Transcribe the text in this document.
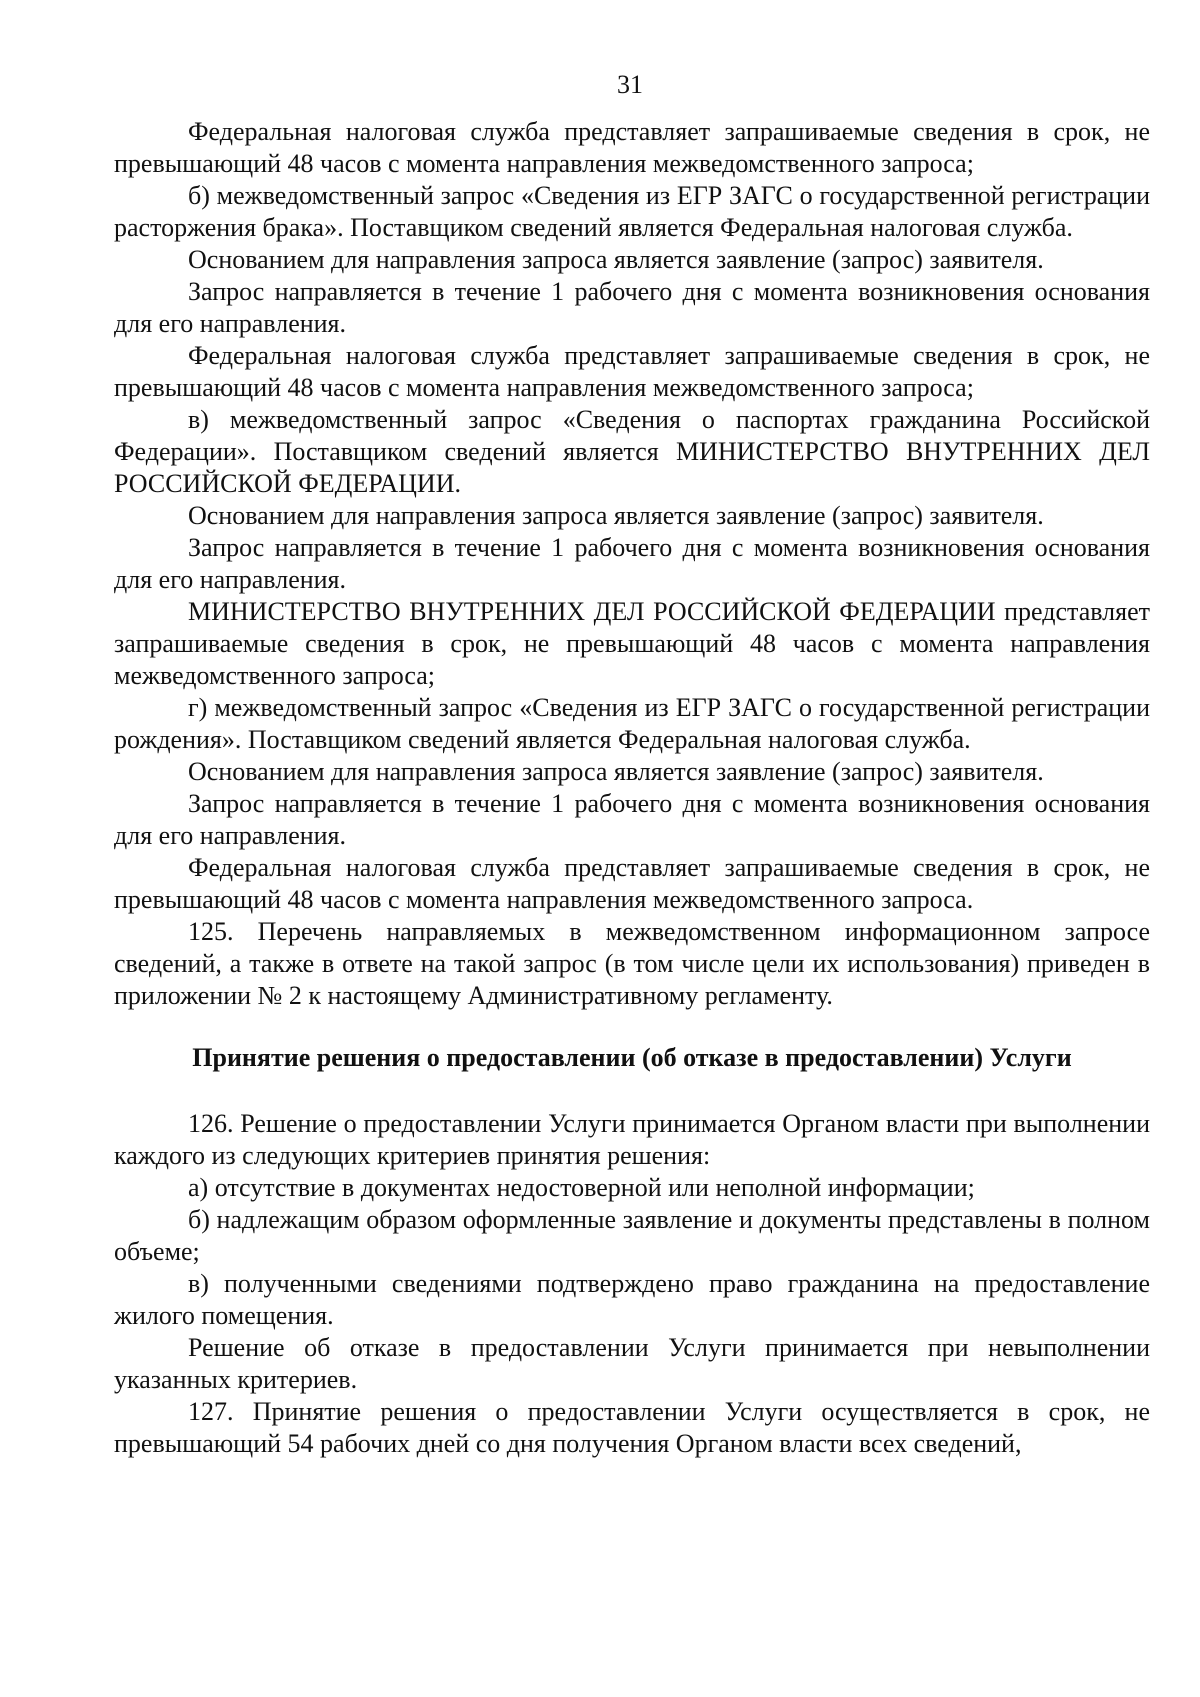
31

Федеральная налоговая служба представляет запрашиваемые сведения в срок, не превышающий 48 часов с момента направления межведомственного запроса;

б) межведомственный запрос «Сведения из ЕГР ЗАГС о государственной регистрации расторжения брака». Поставщиком сведений является Федеральная налоговая служба.

Основанием для направления запроса является заявление (запрос) заявителя.

Запрос направляется в течение 1 рабочего дня с момента возникновения основания для его направления.

Федеральная налоговая служба представляет запрашиваемые сведения в срок, не превышающий 48 часов с момента направления межведомственного запроса;

в) межведомственный запрос «Сведения о паспортах гражданина Российской Федерации». Поставщиком сведений является МИНИСТЕРСТВО ВНУТРЕННИХ ДЕЛ РОССИЙСКОЙ ФЕДЕРАЦИИ.

Основанием для направления запроса является заявление (запрос) заявителя.

Запрос направляется в течение 1 рабочего дня с момента возникновения основания для его направления.

МИНИСТЕРСТВО ВНУТРЕННИХ ДЕЛ РОССИЙСКОЙ ФЕДЕРАЦИИ представляет запрашиваемые сведения в срок, не превышающий 48 часов с момента направления межведомственного запроса;

г) межведомственный запрос «Сведения из ЕГР ЗАГС о государственной регистрации рождения». Поставщиком сведений является Федеральная налоговая служба.

Основанием для направления запроса является заявление (запрос) заявителя.

Запрос направляется в течение 1 рабочего дня с момента возникновения основания для его направления.

Федеральная налоговая служба представляет запрашиваемые сведения в срок, не превышающий 48 часов с момента направления межведомственного запроса.

125. Перечень направляемых в межведомственном информационном запросе сведений, а также в ответе на такой запрос (в том числе цели их использования) приведен в приложении № 2 к настоящему Административному регламенту.

Принятие решения о предоставлении (об отказе в предоставлении) Услуги

126. Решение о предоставлении Услуги принимается Органом власти при выполнении каждого из следующих критериев принятия решения:

а) отсутствие в документах недостоверной или неполной информации;

б) надлежащим образом оформленные заявление и документы представлены в полном объеме;

в) полученными сведениями подтверждено право гражданина на предоставление жилого помещения.

Решение об отказе в предоставлении Услуги принимается при невыполнении указанных критериев.

127. Принятие решения о предоставлении Услуги осуществляется в срок, не превышающий 54 рабочих дней со дня получения Органом власти всех сведений,
